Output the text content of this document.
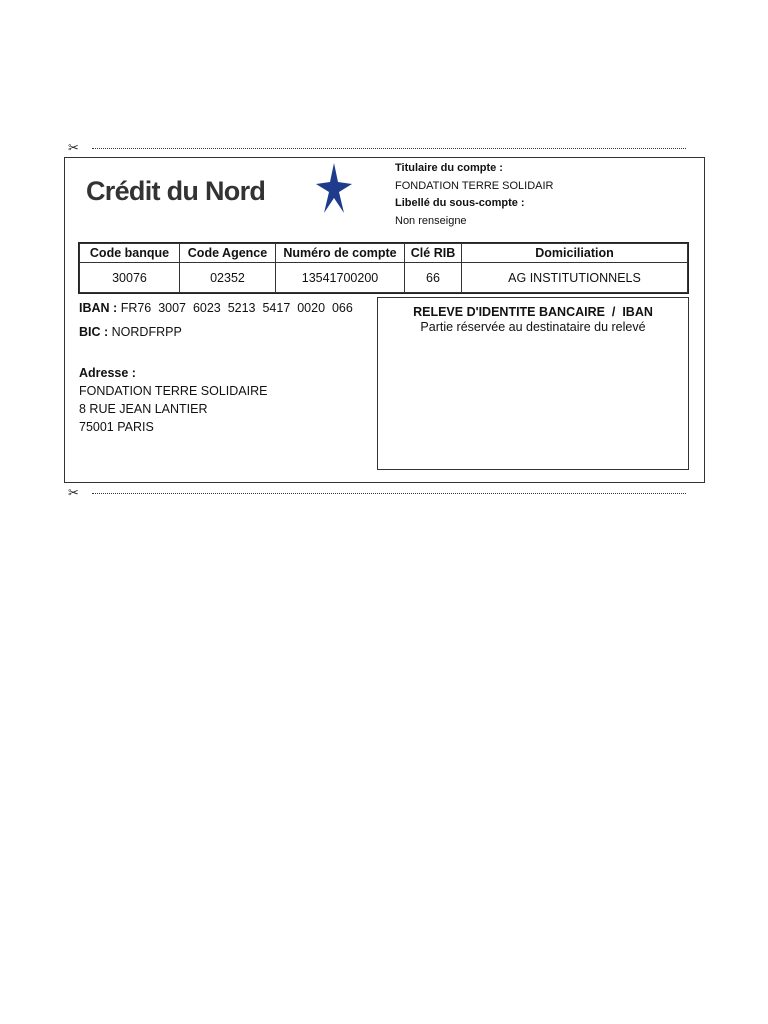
✂
Crédit du Nord
Titulaire du compte :
FONDATION TERRE SOLIDAIR
Libellé du sous-compte :
Non renseigne
Code banque	Code Agence	Numéro de compte	Clé RIB	Domiciliation
30076	02352	13541700200	66	AG INSTITUTIONNELS
IBAN : FR76  3007  6023  5213  5417  0020  066
BIC : NORDFRPP
Adresse :
FONDATION TERRE SOLIDAIRE
8 RUE JEAN LANTIER
75001 PARIS
RELEVE D'IDENTITE BANCAIRE  /  IBAN
Partie réservée au destinataire du relevé
✂
